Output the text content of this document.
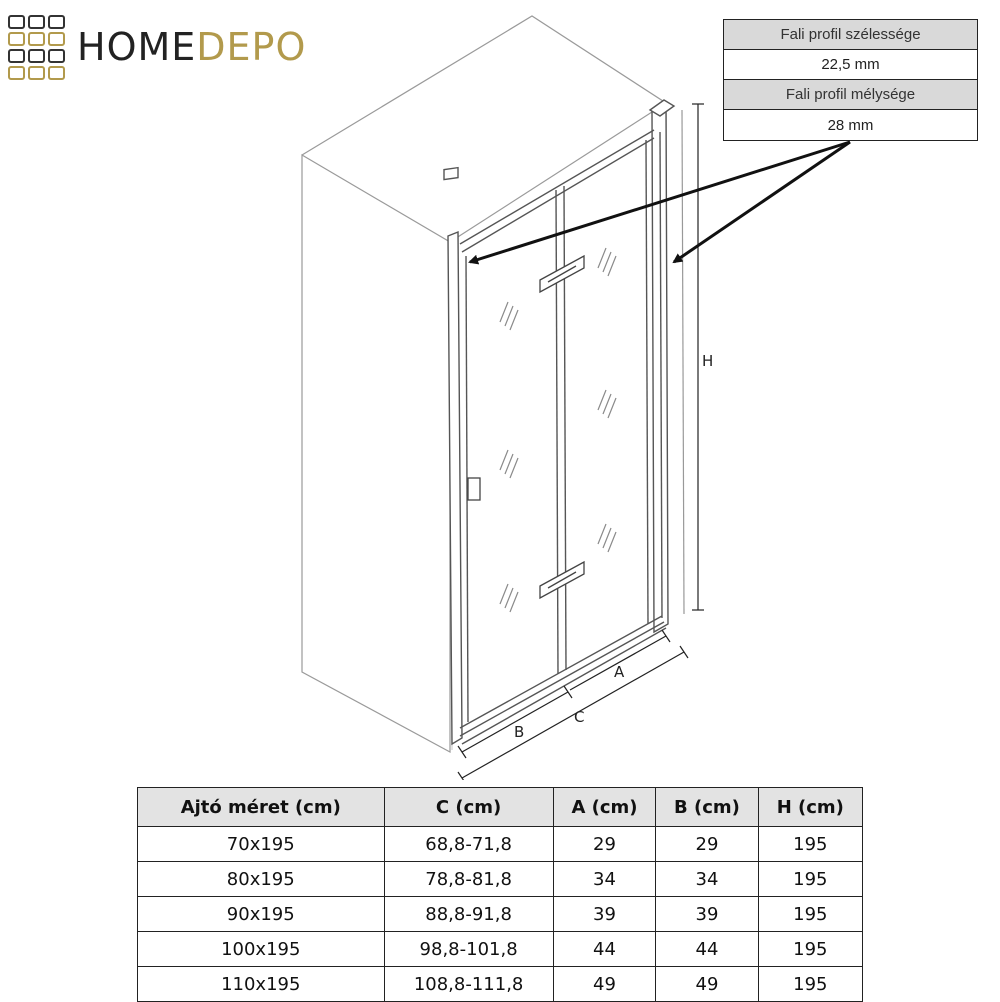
HOMEDEPO	Fali profil szélessége
22,5 mm
Fali profil mélysége
28 mm
H
A
B
C
Ajtó méret (cm)	C (cm)	A (cm)	B (cm)	H (cm)
70x195	68,8-71,8	29	29	195
80x195	78,8-81,8	34	34	195
90x195	88,8-91,8	39	39	195
100x195	98,8-101,8	44	44	195
110x195	108,8-111,8	49	49	195
